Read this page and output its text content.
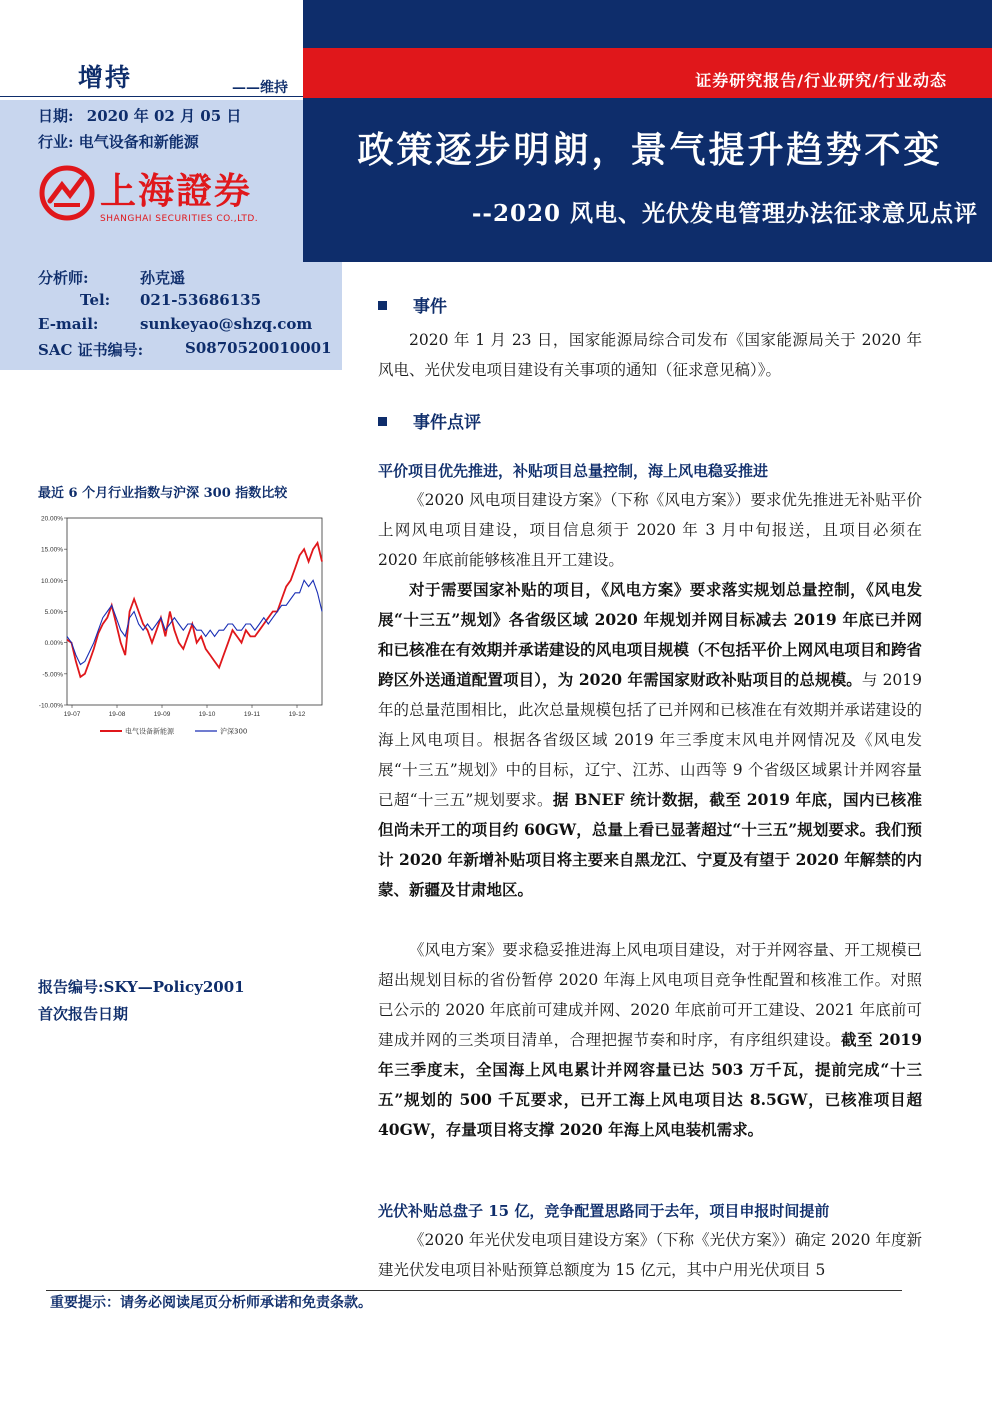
证券研究报告/行业研究/行业动态
政策逐步明朗，景气提升趋势不变
--2020 风电、光伏发电管理办法征求意见点评
增持	——维持
日期: 2020 年 02 月 05 日
行业: 电气设备和新能源
上海證券
SHANGHAI SECURITIES CO.,LTD.
分析师:	孙克遥
Tel: 021-53686135
E-mail:	sunkeyao@shzq.com
SAC 证书编号:	S0870520010001
最近 6 个月行业指数与沪深 300 指数比较
20.00%
15.00%
10.00%
5.00%
0.00%
-5.00%
-10.00%
19-07	19-08	19-09	19-10	19-11	19-12
电气设备新能源	沪深300
报告编号:SKY—Policy2001
首次报告日期
事件
2020 年 1 月 23 日，国家能源局综合司发布《国家能源局关于 2020 年风电、光伏发电项目建设有关事项的通知（征求意见稿）》。
事件点评
平价项目优先推进，补贴项目总量控制，海上风电稳妥推进
《2020 风电项目建设方案》（下称《风电方案》）要求优先推进无补贴平价上网风电项目建设，项目信息须于 2020 年 3 月中旬报送，且项目必须在 2020 年底前能够核准且开工建设。
对于需要国家补贴的项目，《风电方案》要求落实规划总量控制，《风电发展“十三五”规划》各省级区域 2020 年规划并网目标减去 2019 年底已并网和已核准在有效期并承诺建设的风电项目规模（不包括平价上网风电项目和跨省跨区外送通道配置项目），为 2020 年需国家财政补贴项目的总规模。与 2019 年的总量范围相比，此次总量规模包括了已并网和已核准在有效期并承诺建设的海上风电项目。根据各省级区域 2019 年三季度末风电并网情况及《风电发展“十三五”规划》中的目标，辽宁、江苏、山西等 9 个省级区域累计并网容量已超“十三五”规划要求。据 BNEF 统计数据，截至 2019 年底，国内已核准但尚未开工的项目约 60GW，总量上看已显著超过“十三五”规划要求。我们预计 2020 年新增补贴项目将主要来自黑龙江、宁夏及有望于 2020 年解禁的内蒙、新疆及甘肃地区。
《风电方案》要求稳妥推进海上风电项目建设，对于并网容量、开工规模已超出规划目标的省份暂停 2020 年海上风电项目竞争性配置和核准工作。对照已公示的 2020 年底前可建成并网、2020 年底前可开工建设、2021 年底前可建成并网的三类项目清单，合理把握节奏和时序，有序组织建设。截至 2019 年三季度末，全国海上风电累计并网容量已达 503 万千瓦，提前完成“十三五”规划的 500 千瓦要求，已开工海上风电项目达 8.5GW，已核准项目超 40GW，存量项目将支撑 2020 年海上风电装机需求。
光伏补贴总盘子 15 亿，竞争配置思路同于去年，项目申报时间提前
《2020 年光伏发电项目建设方案》（下称《光伏方案》）确定 2020 年度新建光伏发电项目补贴预算总额度为 15 亿元，其中户用光伏项目 5
重要提示：请务必阅读尾页分析师承诺和免责条款。
